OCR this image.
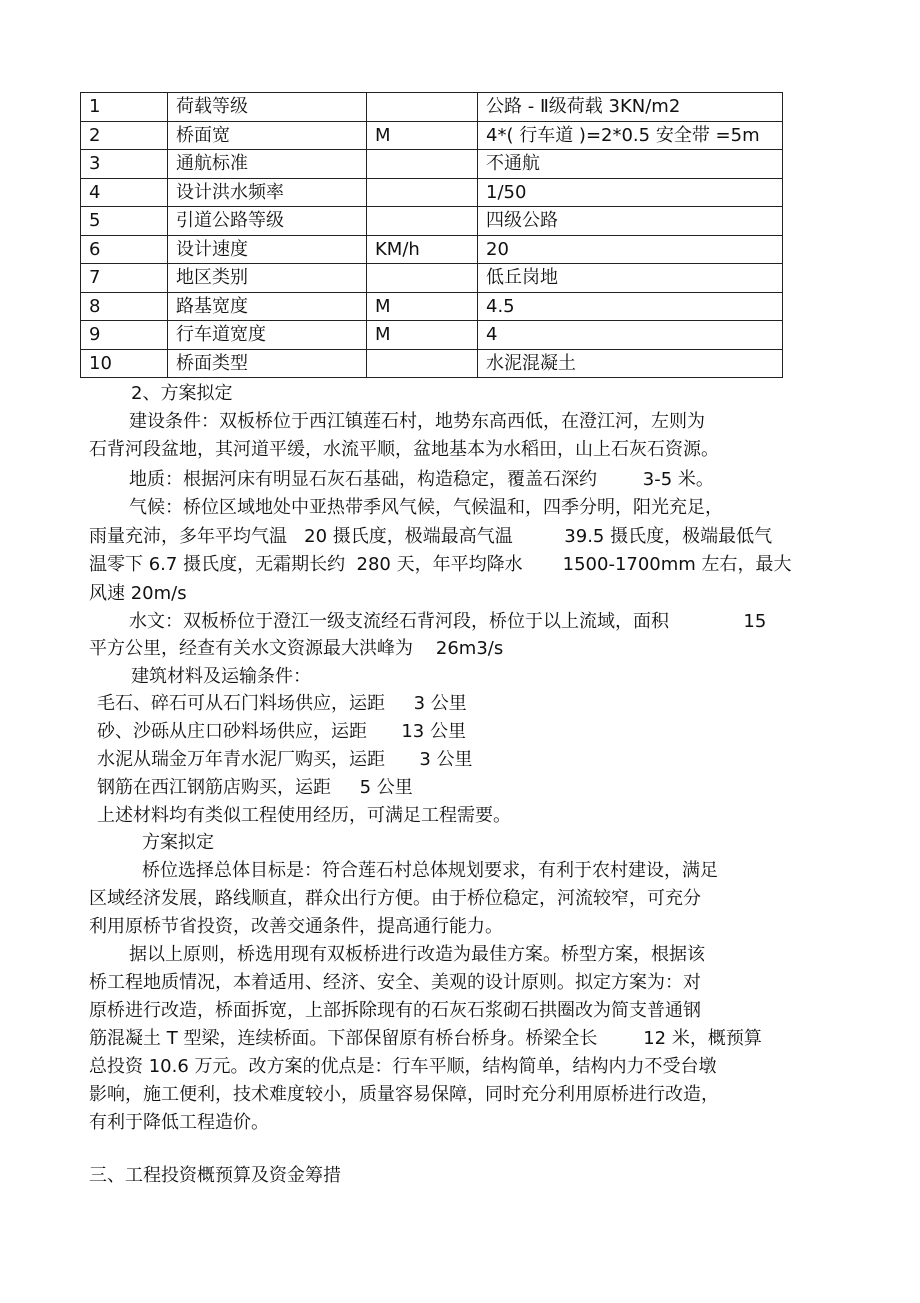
1	荷载等级		公路 - Ⅱ级荷载 3KN/m2
2	桥面宽	M	4*( 行车道 )=2*0.5 安全带 =5m
3	通航标准		不通航
4	设计洪水频率		1/50
5	引道公路等级		四级公路
6	设计速度	KM/h	20
7	地区类别		低丘岗地
8	路基宽度	M	4.5
9	行车道宽度	M	4
10	桥面类型		水泥混凝土
2、方案拟定
建设条件：双板桥位于西江镇莲石村，地势东高西低，在澄江河，左则为
石背河段盆地，其河道平缓，水流平顺，盆地基本为水稻田，山上石灰石资源。
地质：根据河床有明显石灰石基础，构造稳定，覆盖石深约        3-5 米。
气候：桥位区域地处中亚热带季风气候，气候温和，四季分明，阳光充足，
雨量充沛，多年平均气温   20 摄氏度，极端最高气温         39.5 摄氏度，极端最低气
温零下 6.7 摄氏度，无霜期长约  280 天，年平均降水       1500-1700mm 左右，最大
风速 20m/s
水文：双板桥位于澄江一级支流经石背河段，桥位于以上流域，面积             15
平方公里，经查有关水文资源最大洪峰为    26m3/s
建筑材料及运输条件：
毛石、碎石可从石门料场供应，运距     3 公里
砂、沙砾从庄口砂料场供应，运距      13 公里
水泥从瑞金万年青水泥厂购买，运距      3 公里
钢筋在西江钢筋店购买，运距     5 公里
上述材料均有类似工程使用经历，可满足工程需要。
方案拟定
桥位选择总体目标是：符合莲石村总体规划要求，有利于农村建设，满足
区域经济发展，路线顺直，群众出行方便。由于桥位稳定，河流较窄，可充分
利用原桥节省投资，改善交通条件，提高通行能力。
据以上原则，桥选用现有双板桥进行改造为最佳方案。桥型方案，根据该
桥工程地质情况，本着适用、经济、安全、美观的设计原则。拟定方案为：对
原桥进行改造，桥面拆宽，上部拆除现有的石灰石浆砌石拱圈改为简支普通钢
筋混凝土 T 型梁，连续桥面。下部保留原有桥台桥身。桥梁全长        12 米，概预算
总投资 10.6 万元。改方案的优点是：行车平顺，结构简单，结构内力不受台墩
影响，施工便利，技术难度较小，质量容易保障，同时充分利用原桥进行改造，
有利于降低工程造价。
三、工程投资概预算及资金筹措
